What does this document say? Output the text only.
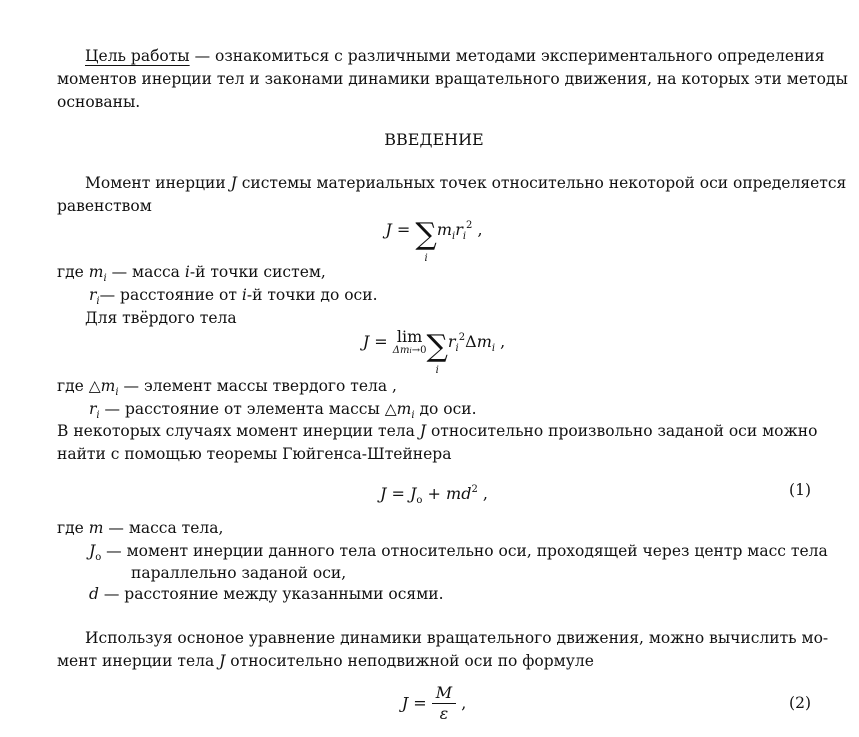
Цель работы — ознакомиться с различными методами экспериментального определения
моментов инерции тел и законами динамики вращательного движения, на которых эти методы
основаны.
ВВЕДЕНИЕ
Момент инерции J системы материальных точек относительно некоторой оси определяется
равенством
J = ∑
i
$m_ir_i^2$ ,
где $m_i$ — масса i-й точки систем,
$r_i—$ расстояние от i-й точки до оси.
Для твёрдого тела
J = lim
Δmi→0 ∑
i
$r_i^2\Delta m_i$ ,
где $\triangle m_i$ — элемент массы твердого тела ,
$r_i$ — расстояние от элемента массы $\triangle m_i$ до оси.
В некоторых случаях момент инерции тела J относительно произвольно заданой оси можно
найти с помощью теоремы Гюйгенса-Штейнера
$J = J_o + md^2$ ,	(1)
где m — масса тела,
$J_o$ — момент инерции данного тела относительно оси, проходящей через центр масс тела
параллельно заданой оси,
d — расстояние между указанными осями.
Используя осноное уравнение динамики вращательного движения, можно вычислить мо-
мент инерции тела J относительно неподвижной оси по формуле
$J = \frac{M}{\varepsilon}$ ,	(2)
